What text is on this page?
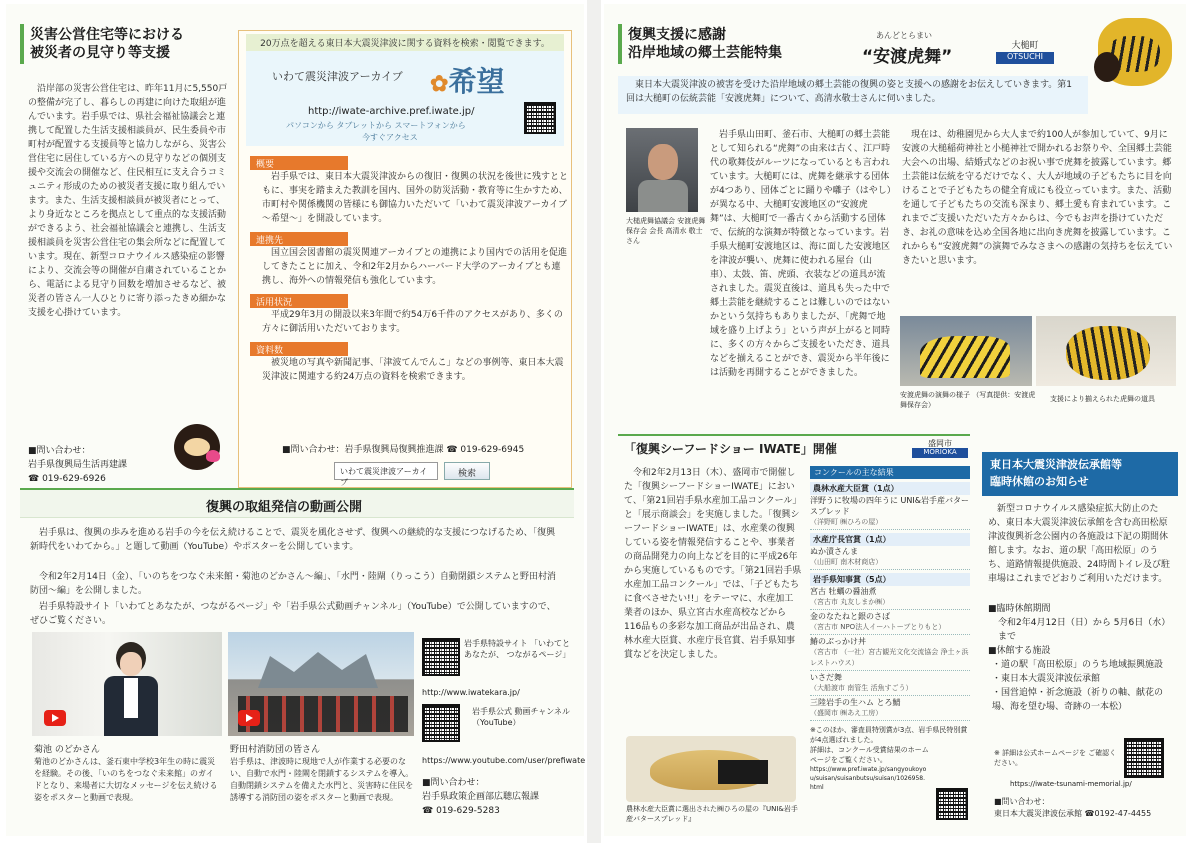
災害公営住宅等における
被災者の見守り等支援

沿岸部の災害公営住宅は、昨年11月に5,550戸の整備が完了し、暮らしの再建に向けた取組が進んでいます。岩手県では、県社会福祉協議会と連携して配置した生活支援相談員が、民生委員や市町村が配置する支援員等と協力しながら、災害公営住宅に居住している方への見守りなどの個別支援や交流会の開催など、住民相互に支え合うコミュニティ形成のための被災者支援に取り組んでいます。また、生活支援相談員が被災者にとって、より身近なところを拠点として重点的な支援活動ができるよう、社会福祉協議会と連携し、生活支援相談員を災害公営住宅の集会所などに配置しています。現在、新型コロナウイルス感染症の影響により、交流会等の開催が自粛されていることから、電話による見守り回数を増加させるなど、被災者の皆さん一人ひとりに寄り添ったきめ細かな支援を心掛けています。

■問い合わせ：
岩手県復興局生活再建課
☎ 019-629-6926
20万点を超える東日本大震災津波に関する資料を検索・閲覧できます。
いわて震災津波アーカイブ ✿希望
http://iwate-archive.pref.iwate.jp/
パソコンから タブレットから スマートフォンから
今すぐアクセス
概要

岩手県では、東日本大震災津波からの復旧・復興の状況を後世に残すとともに、事実を踏まえた教訓を国内、国外の防災活動・教育等に生かすため、市町村や関係機関の皆様にも御協力いただいて「いわて震災津波アーカイブ～希望～」を開設しています。

連携先

国立国会図書館の震災関連アーカイブとの連携により国内での活用を促進してきたことに加え、令和2年2月からハーバード大学のアーカイブとも連携し、海外への情報発信も強化しています。

活用状況

平成29年3月の開設以来3年間で約54万6千件のアクセスがあり、多くの方々に御活用いただいております。

資料数

被災地の写真や新聞記事、「津波てんでんこ」などの事例等、東日本大震災津波に関連する約24万点の資料を検索できます。

■問い合わせ：岩手県復興局復興推進課 ☎ 019-629-6945
いわて震災津波アーカイブ
検索
復興の取組発信の動画公開

岩手県は、復興の歩みを進める岩手の今を伝え続けることで、震災を風化させず、復興への継続的な支援につなげるため、「復興新時代をいわてから。」と題して動画（YouTube）やポスターを公開しています。

令和2年2月14日（金）、「いのちをつなぐ未来館・菊池のどかさん～編」、「水門・陸閘（りっこう）自動閉鎖システムと野田村消防団～編」を公開しました。

岩手県特設サイト「いわてとあなたが、つながるページ」や「岩手県公式動画チャンネル」（YouTube）で公開していますので、ぜひご覧ください。

菊池 のどかさん

菊池のどかさんは、釜石東中学校3年生の時に震災を経験。その後、「いのちをつなぐ未来館」のガイドとなり、来場者に大切なメッセージを伝え続ける姿をポスターと動画で表現。

野田村消防団の皆さん

岩手県は、津波時に現地で人が作業する必要のない、自動で水門・陸閘を閉鎖するシステムを導入。自動閉鎖システムを備えた水門と、災害時に住民を誘導する消防団の姿をポスターと動画で表現。

岩手県特設サイト 「いわてとあなたが、 つながるページ」
http://www.iwatekara.jp/
岩手県公式 動画チャンネル （YouTube）
https://www.youtube.com/user/prefiwate
■問い合わせ：
岩手県政策企画部広聴広報課
☎ 019-629-5283
復興支援に感謝
沿岸地域の郷土芸能特集
あんどとらまい
“安渡虎舞”
大槌町
OTSUCHI

東日本大震災津波の被害を受けた沿岸地域の郷土芸能の復興の姿と支援への感謝をお伝えしていきます。第1回は大槌町の伝統芸能「安渡虎舞」について、高清水敬士さんに伺いました。

大槌虎舞協議会 安渡虎舞保存会 会長 高清水 敬士さん

岩手県山田町、釜石市、大槌町の郷土芸能として知られる“虎舞”の由来は古く、江戸時代の歌舞伎がルーツになっているとも言われています。大槌町には、虎舞を継承する団体が4つあり、団体ごとに踊りや囃子（はやし）が異なる中、大槌町安渡地区の“安渡虎舞”は、大槌町で一番古くから活動する団体で、伝統的な演舞が特徴となっています。岩手県大槌町安渡地区は、海に面した安渡地区を津波が襲い、虎舞に使われる屋台（山車）、太鼓、笛、虎頭、衣装などの道具が流されました。震災直後は、道具も失った中で郷土芸能を継続することは難しいのではないかという気持ちもありましたが、「虎舞で地域を盛り上げよう」という声が上がると同時に、多くの方々からご支援をいただき、道具などを揃えることができ、震災から半年後には活動を再開することができました。

現在は、幼稚園児から大人まで約100人が参加していて、9月に安渡の大槌稲荷神社と小槌神社で開かれるお祭りや、全国郷土芸能大会への出場、結婚式などのお祝い事で虎舞を披露しています。郷土芸能は伝統を守るだけでなく、大人が地域の子どもたちに目を向けることで子どもたちの健全育成にも役立っています。また、活動を通して子どもたちの交流も深まり、郷土愛も育まれています。これまでご支援いただいた方々からは、今でもお声を掛けていただき、お礼の意味を込め全国各地に出向き虎舞を披露しています。これからも“安渡虎舞”の演舞でみなさまへの感謝の気持ちを伝えていきたいと思います。

安渡虎舞の演舞の様子 （写真提供：安渡虎舞保存会）

支援により揃えられた虎舞の道具

「復興シーフードショー IWATE」開催	盛岡市
MORIOKA

令和2年2月13日（木）、盛岡市で開催した「復興シーフードショーIWATE」において、「第21回岩手県水産加工品コンクール」と「展示商談会」を実施しました。「復興シーフードショーIWATE」は、水産業の復興している姿を情報発信することや、事業者の商品開発力の向上などを目的に平成26年から実施しているものです。「第21回岩手県水産加工品コンクール」では、「子どもたちに食べさせたい!!」をテーマに、水産加工業者のほか、県立宮古水産高校などから116品もの多彩な加工商品が出品され、農林水産大臣賞、水産庁長官賞、岩手県知事賞などを決定しました。

農林水産大臣賞に選出された㈱ひろの屋の『UNI&岩手産バタースプレッド』

コンクールの主な結果
農林水産大臣賞（1点）
洋野うに牧場の四年うに UNI&岩手産バタースプレッド
（洋野町 ㈱ひろの屋）
水産庁長官賞（1点）
ぬか漬さんま
（山田町 南木材商店）
岩手県知事賞（5点）
宮古 牡蠣の醤油煮
（宮古市 丸友しまか㈱）
金のなたねと銀のさば
（宮古市 NPO法人イーハトーブとりもと）
鰆のぶっかけ丼
（宮古市 （一社）宮古観光文化交流協会 浄土ヶ浜レストハウス）
いさだ舞
（大船渡市 南管生 活魚すごう）
三陸岩手の生ハム とろ鯖
（盛岡市 ㈱あえ工房）

※このほか、審査員特別賞が3点、岩手県民特別賞が4点選ばれました。

詳細は、コンクール受賞結果のホームページをご覧ください。

https://www.pref.iwate.jp/sangyoukoyou/suisan/suisanbutsu/suisan/1026958.html

東日本大震災津波伝承館等
臨時休館のお知らせ

新型コロナウイルス感染症拡大防止のため、東日本大震災津波伝承館を含む高田松原津波復興祈念公園内の各施設は下記の期間休館します。なお、道の駅「高田松原」のうち、道路情報提供施設、24時間トイレ及び駐車場はこれまでどおりご利用いただけます。

■臨時休館期間
令和2年4月12日（日）から 5月6日（水）まで
■休館する施設
・道の駅「高田松原」のうち地域振興施設
・東日本大震災津波伝承館
・国営追悼・祈念施設（祈りの軸、献花の場、海を望む場、奇跡の一本松）

※ 詳細は公式ホームページを ご確認ください。

https://iwate-tsunami-memorial.jp/
■問い合わせ：
東日本大震災津波伝承館 ☎0192-47-4455
